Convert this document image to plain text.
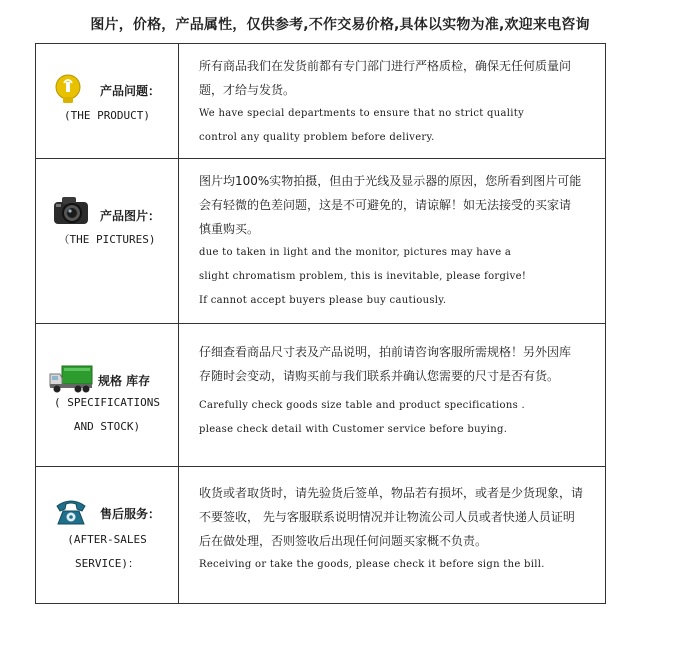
图片，价格，产品属性，仅供参考,不作交易价格,具体以实物为准,欢迎来电咨询
产品问题：
(THE PRODUCT)
所有商品我们在发货前都有专门部门进行严格质检，确保无任何质量问
题，才给与发货。
We have special departments to ensure that no strict quality
control any quality problem before delivery.
产品图片：
（THE PICTURES)
图片均100%实物拍摄，但由于光线及显示器的原因，您所看到图片可能
会有轻微的色差问题，这是不可避免的，请谅解！如无法接受的买家请
慎重购买。
due to taken in light and the monitor, pictures may have a
slight chromatism problem, this is inevitable, please forgive!
If cannot accept buyers please buy cautiously.
规格 库存
( SPECIFICATIONS
AND STOCK)
仔细查看商品尺寸表及产品说明，拍前请咨询客服所需规格！另外因库
存随时会变动，请购买前与我们联系并确认您需要的尺寸是否有货。
Carefully check goods size table and product specifications .
please check detail with Customer service before buying.
售后服务：
(AFTER-SALES
SERVICE)：
收货或者取货时，请先验货后签单，物品若有损坏，或者是少货现象，请
不要签收， 先与客服联系说明情况并让物流公司人员或者快递人员证明
后在做处理，否则签收后出现任何问题买家概不负责。
Receiving or take the goods, please check it before sign the bill.
